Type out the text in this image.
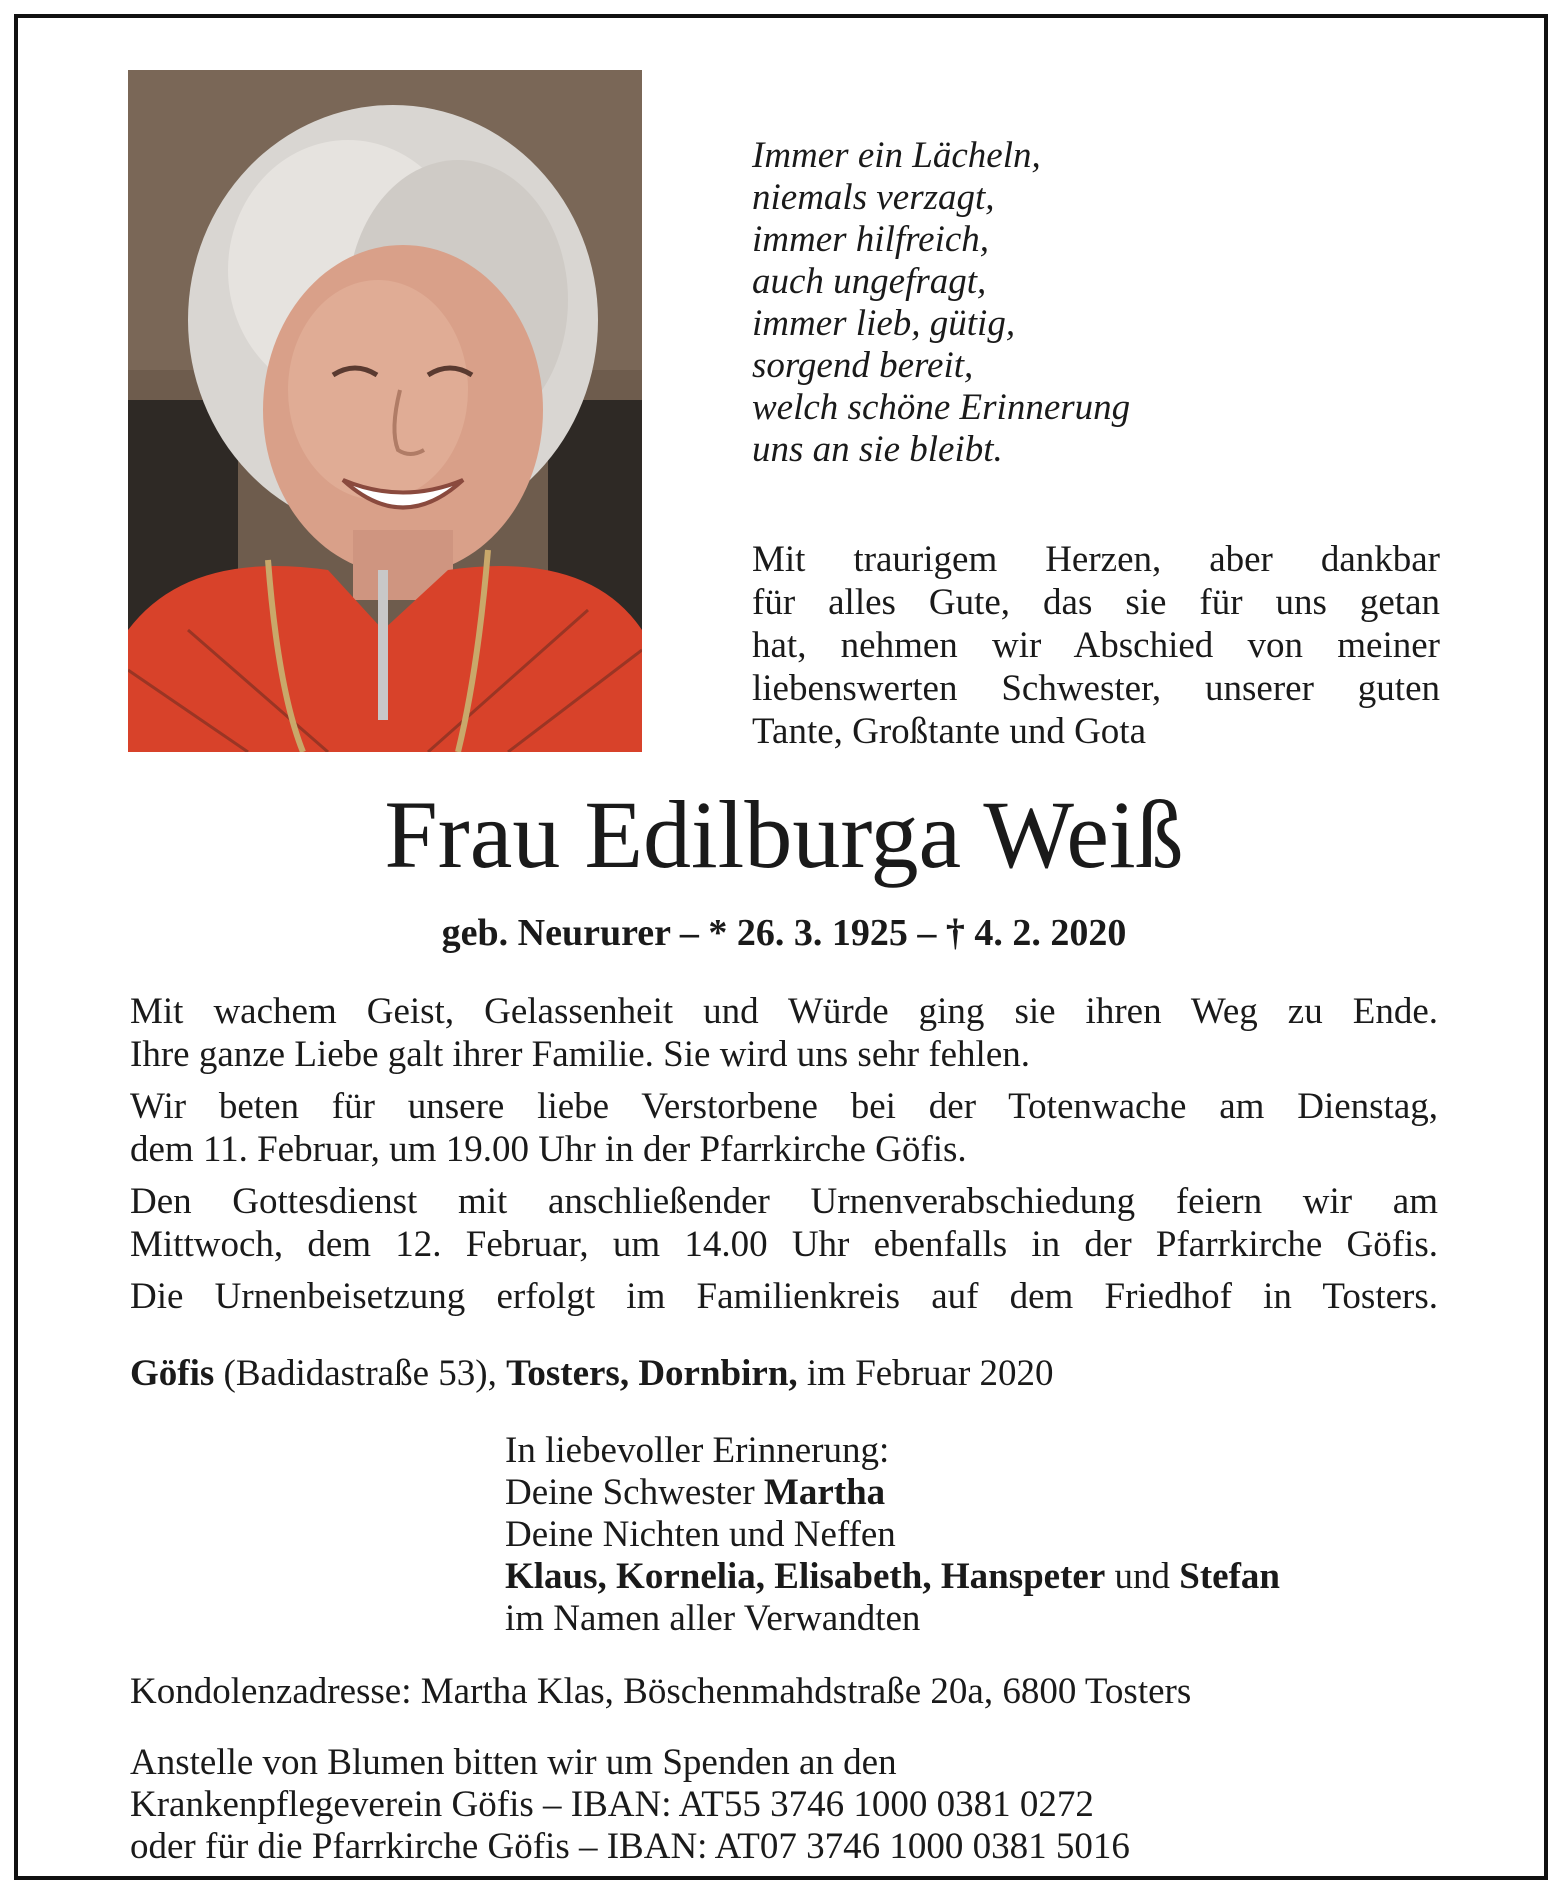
Immer ein Lächeln,
niemals verzagt,
immer hilfreich,
auch ungefragt,
immer lieb, gütig,
sorgend bereit,
welch schöne Erinnerung
uns an sie bleibt.
Mit traurigem Herzen, aber dankbar
für alles Gute, das sie für uns getan
hat, nehmen wir Abschied von meiner
liebenswerten Schwester, unserer guten
Tante, Großtante und Gota
Frau Edilburga Weiß
geb. Neururer – * 26. 3. 1925 – † 4. 2. 2020
Mit wachem Geist, Gelassenheit und Würde ging sie ihren Weg zu Ende.
Ihre ganze Liebe galt ihrer Familie. Sie wird uns sehr fehlen.
Wir beten für unsere liebe Verstorbene bei der Totenwache am Dienstag,
dem 11. Februar, um 19.00 Uhr in der Pfarrkirche Göfis.
Den Gottesdienst mit anschließender Urnenverabschiedung feiern wir am
Mittwoch, dem 12. Februar, um 14.00 Uhr ebenfalls in der Pfarrkirche Göfis.
Die Urnenbeisetzung erfolgt im Familienkreis auf dem Friedhof in Tosters.
Göfis (Badidastraße 53), Tosters, Dornbirn, im Februar 2020
In liebevoller Erinnerung:
Deine Schwester Martha
Deine Nichten und Neffen
Klaus, Kornelia, Elisabeth, Hanspeter und Stefan
im Namen aller Verwandten
Kondolenzadresse: Martha Klas, Böschenmahdstraße 20a, 6800 Tosters
Anstelle von Blumen bitten wir um Spenden an den
Krankenpflegeverein Göfis – IBAN: AT55 3746 1000 0381 0272
oder für die Pfarrkirche Göfis – IBAN: AT07 3746 1000 0381 5016
